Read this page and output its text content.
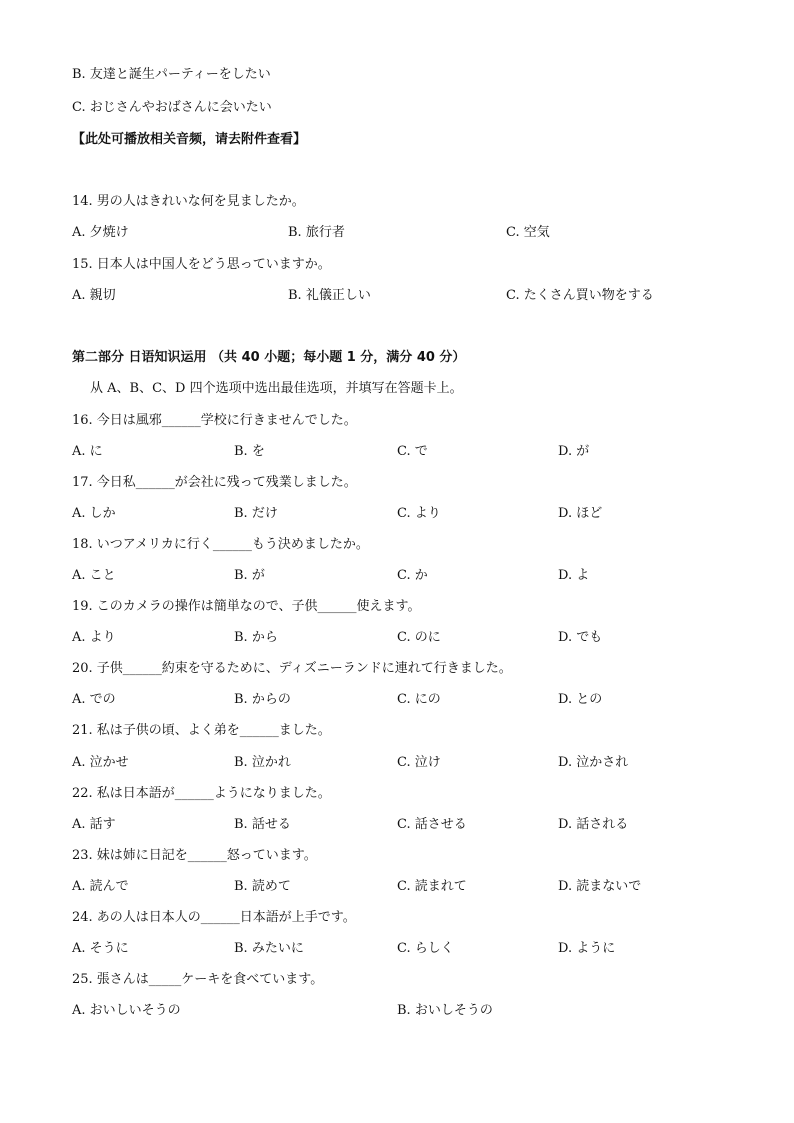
B. 友達と誕生パーティーをしたい
C. おじさんやおばさんに会いたい
【此处可播放相关音频，请去附件查看】
14. 男の人はきれいな何を見ましたか。
A. 夕焼け	B. 旅行者	C. 空気
15. 日本人は中国人をどう思っていますか。
A. 親切	B. 礼儀正しい	C. たくさん買い物をする
第二部分 日语知识运用 （共 40 小题；每小题 1 分，满分 40 分）
从 A、B、C、D 四个选项中选出最佳选项，并填写在答题卡上。
16. 今日は風邪______学校に行きませんでした。
A. に	B. を	C. で	D. が
17. 今日私______が会社に残って残業しました。
A. しか	B. だけ	C. より	D. ほど
18. いつアメリカに行く______もう決めましたか。
A. こと	B. が	C. か	D. よ
19. このカメラの操作は簡単なので、子供______使えます。
A. より	B. から	C. のに	D. でも
20. 子供______約束を守るために、ディズニーランドに連れて行きました。
A. での	B. からの	C. にの	D. との
21. 私は子供の頃、よく弟を______ました。
A. 泣かせ	B. 泣かれ	C. 泣け	D. 泣かされ
22. 私は日本語が______ようになりました。
A. 話す	B. 話せる	C. 話させる	D. 話される
23. 妹は姉に日記を______怒っています。
A. 読んで	B. 読めて	C. 読まれて	D. 読まないで
24. あの人は日本人の______日本語が上手です。
A. そうに	B. みたいに	C. らしく	D. ように
25. 張さんは_____ケーキを食べています。
A. おいしいそうの	B. おいしそうの
